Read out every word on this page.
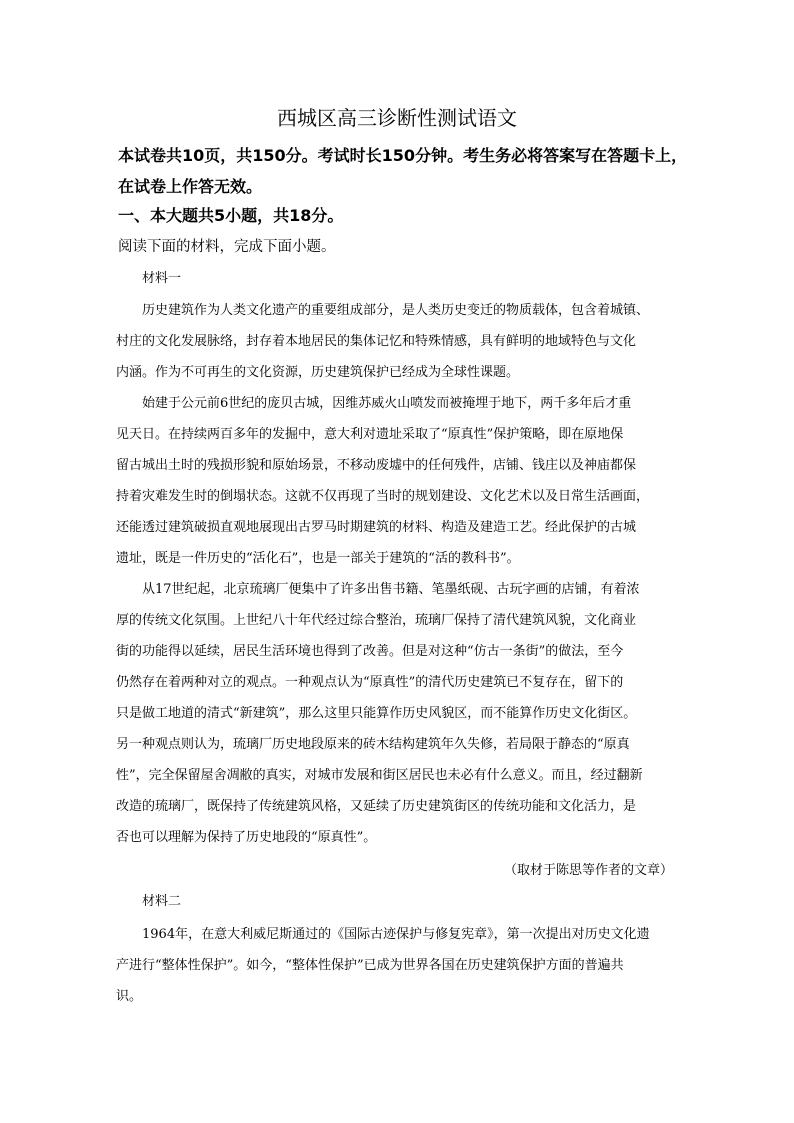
西城区高三诊断性测试语文
本试卷共10页，共150分。考试时长150分钟。考生务必将答案写在答题卡上，
在试卷上作答无效。
一、本大题共5小题，共18分。
阅读下面的材料，完成下面小题。
材料一
历史建筑作为人类文化遗产的重要组成部分，是人类历史变迁的物质载体，包含着城镇、
村庄的文化发展脉络，封存着本地居民的集体记忆和特殊情感，具有鲜明的地域特色与文化
内涵。作为不可再生的文化资源，历史建筑保护已经成为全球性课题。
始建于公元前6世纪的庞贝古城，因维苏威火山喷发而被掩埋于地下，两千多年后才重
见天日。在持续两百多年的发掘中，意大利对遗址采取了“原真性”保护策略，即在原地保
留古城出土时的残损形貌和原始场景，不移动废墟中的任何残件，店铺、钱庄以及神庙都保
持着灾难发生时的倒塌状态。这就不仅再现了当时的规划建设、文化艺术以及日常生活画面，
还能透过建筑破损直观地展现出古罗马时期建筑的材料、构造及建造工艺。经此保护的古城
遗址，既是一件历史的“活化石”，也是一部关于建筑的“活的教科书”。
从17世纪起，北京琉璃厂便集中了许多出售书籍、笔墨纸砚、古玩字画的店铺，有着浓
厚的传统文化氛围。上世纪八十年代经过综合整治，琉璃厂保持了清代建筑风貌，文化商业
街的功能得以延续，居民生活环境也得到了改善。但是对这种“仿古一条街”的做法，至今
仍然存在着两种对立的观点。一种观点认为“原真性”的清代历史建筑已不复存在，留下的
只是做工地道的清式“新建筑”，那么这里只能算作历史风貌区，而不能算作历史文化街区。
另一种观点则认为，琉璃厂历史地段原来的砖木结构建筑年久失修，若局限于静态的“原真
性”，完全保留屋舍凋敝的真实，对城市发展和街区居民也未必有什么意义。而且，经过翻新
改造的琉璃厂，既保持了传统建筑风格，又延续了历史建筑街区的传统功能和文化活力，是
否也可以理解为保持了历史地段的“原真性”。
（取材于陈思等作者的文章）
材料二
1964年，在意大利威尼斯通过的《国际古迹保护与修复宪章》，第一次提出对历史文化遗
产进行“整体性保护”。如今，“整体性保护”已成为世界各国在历史建筑保护方面的普遍共
识。
